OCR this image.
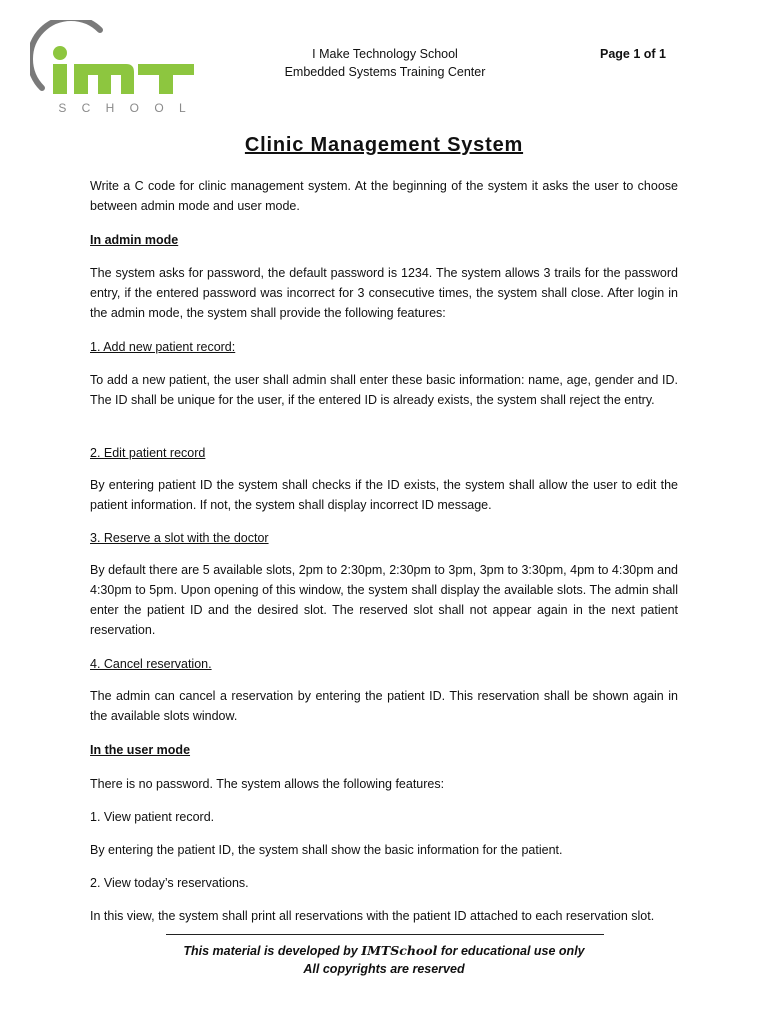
S C H O O L
I Make Technology School
Embedded Systems Training Center
Page 1 of 1
Clinic Management System
Write a C code for clinic management system. At the beginning of the system it asks the user to choose between admin mode and user mode.
In admin mode
The system asks for password, the default password is 1234. The system allows 3 trails for the password entry, if the entered password was incorrect for 3 consecutive times, the system shall close. After login in the admin mode, the system shall provide the following features:
1. Add new patient record:
To add a new patient, the user shall admin shall enter these basic information: name, age, gender and ID. The ID shall be unique for the user, if the entered ID is already exists, the system shall reject the entry.
2. Edit patient record
By entering patient ID the system shall checks if the ID exists, the system shall allow the user to edit the patient information. If not, the system shall display incorrect ID message.
3. Reserve a slot with the doctor
By default there are 5 available slots, 2pm to 2:30pm, 2:30pm to 3pm, 3pm to 3:30pm, 4pm to 4:30pm and 4:30pm to 5pm. Upon opening of this window, the system shall display the available slots. The admin shall enter the patient ID and the desired slot. The reserved slot shall not appear again in the next patient reservation.
4. Cancel reservation.
The admin can cancel a reservation by entering the patient ID. This reservation shall be shown again in the available slots window.
In the user mode
There is no password. The system allows the following features:
1. View patient record.
By entering the patient ID, the system shall show the basic information for the patient.
2. View today’s reservations.
In this view, the system shall print all reservations with the patient ID attached to each reservation slot.
This material is developed by IMTSchool for educational use only
All copyrights are reserved
